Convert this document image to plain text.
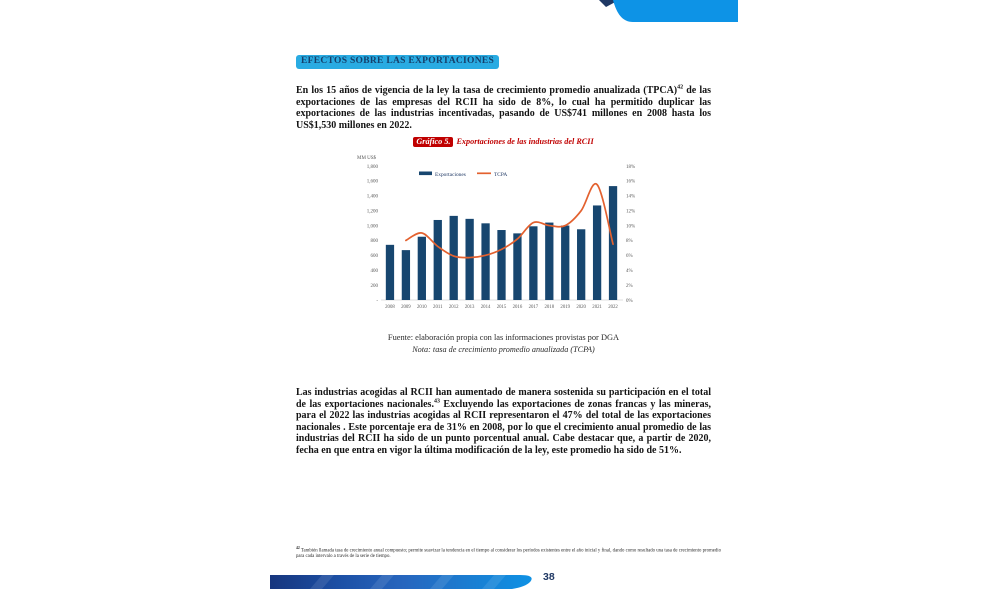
EFECTOS SOBRE LAS EXPORTACIONES

En los 15 años de vigencia de la ley la tasa de crecimiento promedio anualizada (TPCA)$^{42}$ de las exportaciones de las empresas del RCII ha sido de 8%, lo cual ha permitido duplicar las exportaciones de las industrias incentivadas, pasando de US$741 millones en 2008 hasta los US$1,530 millones en 2022.

Gráfico 5. Exportaciones de las industrias del RCII
MM US$
1,800
1,600
1,400
1,200
1,000
800
600
400
200
-
18%
16%
14%
12%
10%
8%
6%
4%
2%
0%
2008 2009 2010 2011 2012 2013 2014 2015 2016 2017 2018 2019 2020 2021 2022
Exportaciones	TCPA
Fuente: elaboración propia con las informaciones provistas por DGA
Nota: tasa de crecimiento promedio anualizada (TCPA)

Las industrias acogidas al RCII han aumentado de manera sostenida su participación en el total de las exportaciones nacionales.$^{43}$ Excluyendo las exportaciones de zonas francas y las mineras, para el 2022 las industrias acogidas al RCII representaron el 47% del total de las exportaciones nacionales . Este porcentaje era de 31% en 2008, por lo que el crecimiento anual promedio de las industrias del RCII ha sido de un punto porcentual anual. Cabe destacar que, a partir de 2020, fecha en que entra en vigor la última modificación de la ley, este promedio ha sido de 51%.

$^{42}$ También llamada tasa de crecimiento anual compuesto; permite suavizar la tendencia en el tiempo al considerar los períodos existentes entre el año inicial y final, dando como resultado una tasa de crecimiento promedio para cada intervalo a través de la serie de tiempo.

38
